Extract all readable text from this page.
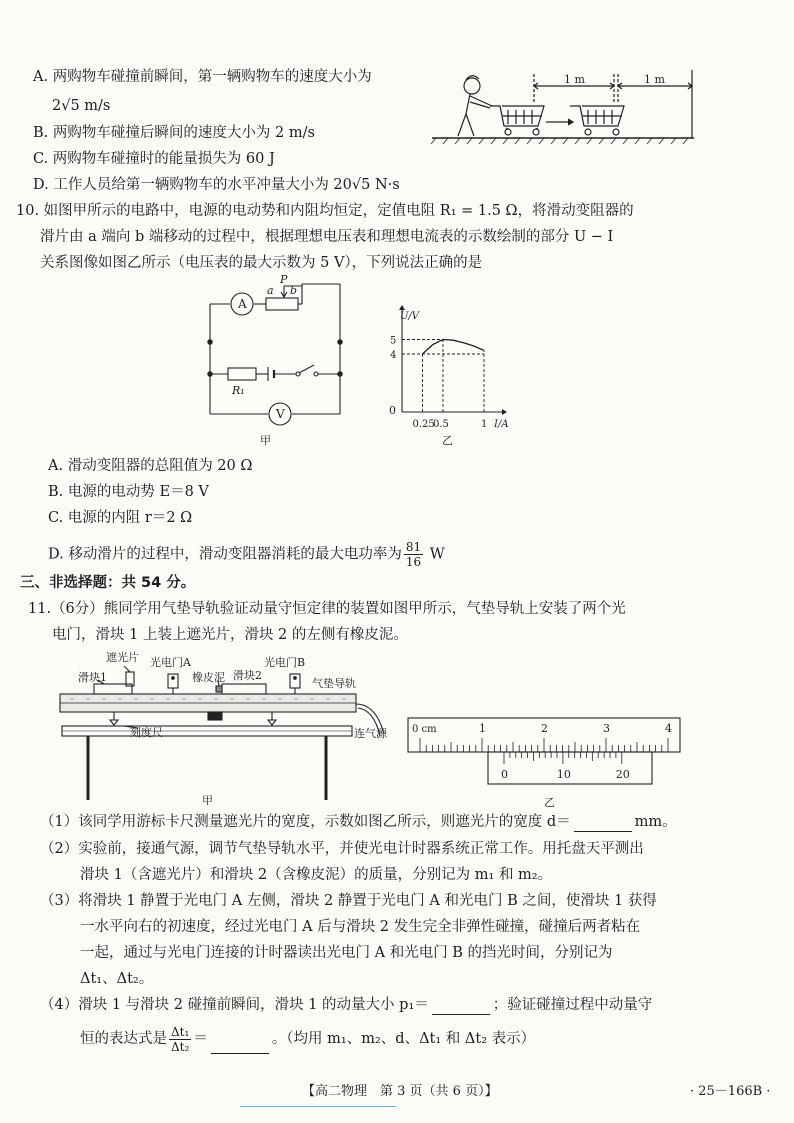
A. 两购物车碰撞前瞬间，第一辆购物车的速度大小为
2√5 m/s
B. 两购物车碰撞后瞬间的速度大小为 2 m/s
C. 两购物车碰撞时的能量损失为 60 J
D. 工作人员给第一辆购物车的水平冲量大小为 20√5 N·s
1 m	1 m
10. 如图甲所示的电路中，电源的电动势和内阻均恒定，定值电阻 R₁ = 1.5 Ω，将滑动变阻器的
滑片由 a 端向 b 端移动的过程中，根据理想电压表和理想电流表的示数绘制的部分 U − I
关系图像如图乙所示（电压表的最大示数为 5 V），下列说法正确的是
A
V
P
a b
R₁
甲
0
I/A
U/V
0.25
0.5	1
4
5
乙
A. 滑动变阻器的总阻值为 20 Ω
B. 电源的电动势 E＝8 V
C. 电源的内阻 r＝2 Ω
D. 移动滑片的过程中，滑动变阻器消耗的最大电功率为 $\frac{81}{16}$ W
三、非选择题：共 54 分。
11.（6分）熊同学用气垫导轨验证动量守恒定律的装置如图甲所示，气垫导轨上安装了两个光
电门，滑块 1 上装上遮光片，滑块 2 的左侧有橡皮泥。
遮光片
滑块1
光电门A
橡皮泥 滑块2
光电门B
气垫导轨
刻度尺	连气源
甲
0 cm	1	2	3	4
0	10	20
乙
（1）该同学用游标卡尺测量遮光片的宽度，示数如图乙所示，则遮光片的宽度 d＝	mm。
（2）实验前，接通气源，调节气垫导轨水平，并使光电计时器系统正常工作。用托盘天平测出
滑块 1（含遮光片）和滑块 2（含橡皮泥）的质量，分别记为 m₁ 和 m₂。
（3）将滑块 1 静置于光电门 A 左侧，滑块 2 静置于光电门 A 和光电门 B 之间，使滑块 1 获得
一水平向右的初速度，经过光电门 A 后与滑块 2 发生完全非弹性碰撞，碰撞后两者粘在
一起，通过与光电门连接的计时器读出光电门 A 和光电门 B 的挡光时间，分别记为
Δt₁、Δt₂。
（4）滑块 1 与滑块 2 碰撞前瞬间，滑块 1 的动量大小 p₁＝	；验证碰撞过程中动量守
恒的表达式是 $\frac{\text{Δt₁}}{\text{Δt₂}}$ ＝	。（均用 m₁、m₂、d、Δt₁ 和 Δt₂ 表示）
【高二物理　第 3 页（共 6 页）】	· 25－166B ·
